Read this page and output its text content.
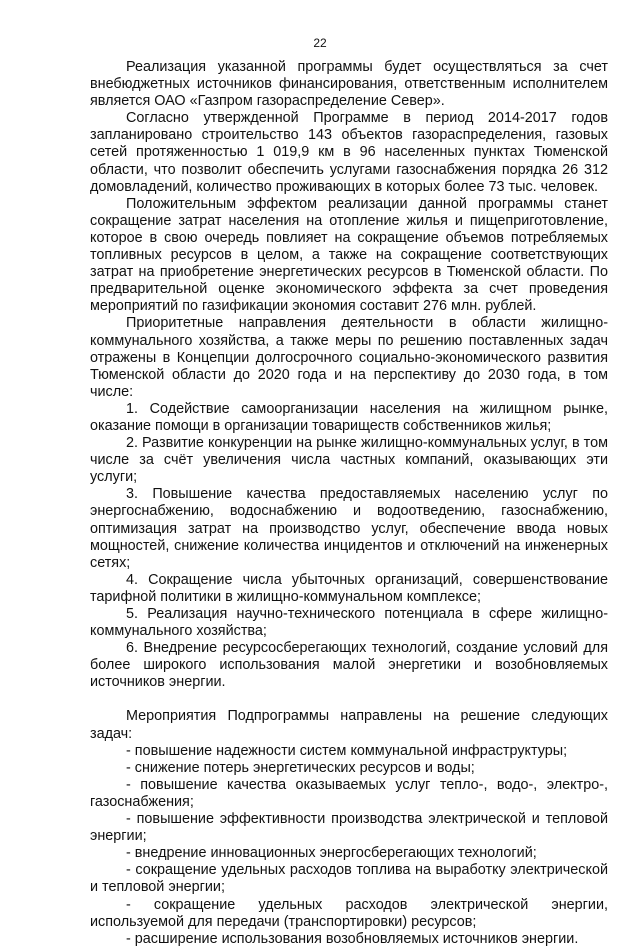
22

Реализация указанной программы будет осуществляться за счет внебюджетных источников финансирования, ответственным исполнителем является ОАО «Газпром газораспределение Север».

Согласно утвержденной Программе в период 2014-2017 годов запланировано строительство 143 объектов газораспределения, газовых сетей протяженностью 1 019,9 км в 96 населенных пунктах Тюменской области, что позволит обеспечить услугами газоснабжения порядка 26 312 домовладений, количество проживающих в которых более 73 тыс. человек.

Положительным эффектом реализации данной программы станет сокращение затрат населения на отопление жилья и пищеприготовление, которое в свою очередь повлияет на сокращение объемов потребляемых топливных ресурсов в целом, а также на сокращение соответствующих затрат на приобретение энергетических ресурсов в Тюменской области. По предварительной оценке экономического эффекта за счет проведения мероприятий по газификации экономия составит 276 млн. рублей.

Приоритетные направления деятельности в области жилищно-коммунального хозяйства, а также меры по решению поставленных задач отражены в Концепции долгосрочного социально-экономического развития Тюменской области до 2020 года и на перспективу до 2030 года, в том числе:

1. Содействие самоорганизации населения на жилищном рынке, оказание помощи в организации товариществ собственников жилья;

2. Развитие конкуренции на рынке жилищно-коммунальных услуг, в том числе за счёт увеличения числа частных компаний, оказывающих эти услуги;

3. Повышение качества предоставляемых населению услуг по энергоснабжению, водоснабжению и водоотведению, газоснабжению, оптимизация затрат на производство услуг, обеспечение ввода новых мощностей, снижение количества инцидентов и отключений на инженерных сетях;

4. Сокращение числа убыточных организаций, совершенствование тарифной политики в жилищно-коммунальном комплексе;

5. Реализация научно-технического потенциала в сфере жилищно-коммунального хозяйства;

6. Внедрение ресурсосберегающих технологий, создание условий для более широкого использования малой энергетики и возобновляемых источников энергии.

Мероприятия Подпрограммы направлены на решение следующих задач:

- повышение надежности систем коммунальной инфраструктуры;

- снижение потерь энергетических ресурсов и воды;

- повышение качества оказываемых услуг тепло-, водо-, электро-, газоснабжения;

- повышение эффективности производства электрической и тепловой энергии;

- внедрение инновационных энергосберегающих технологий;

- сокращение удельных расходов топлива на выработку электрической и тепловой энергии;

- сокращение удельных расходов электрической энергии, используемой для передачи (транспортировки) ресурсов;

- расширение использования возобновляемых источников энергии.
